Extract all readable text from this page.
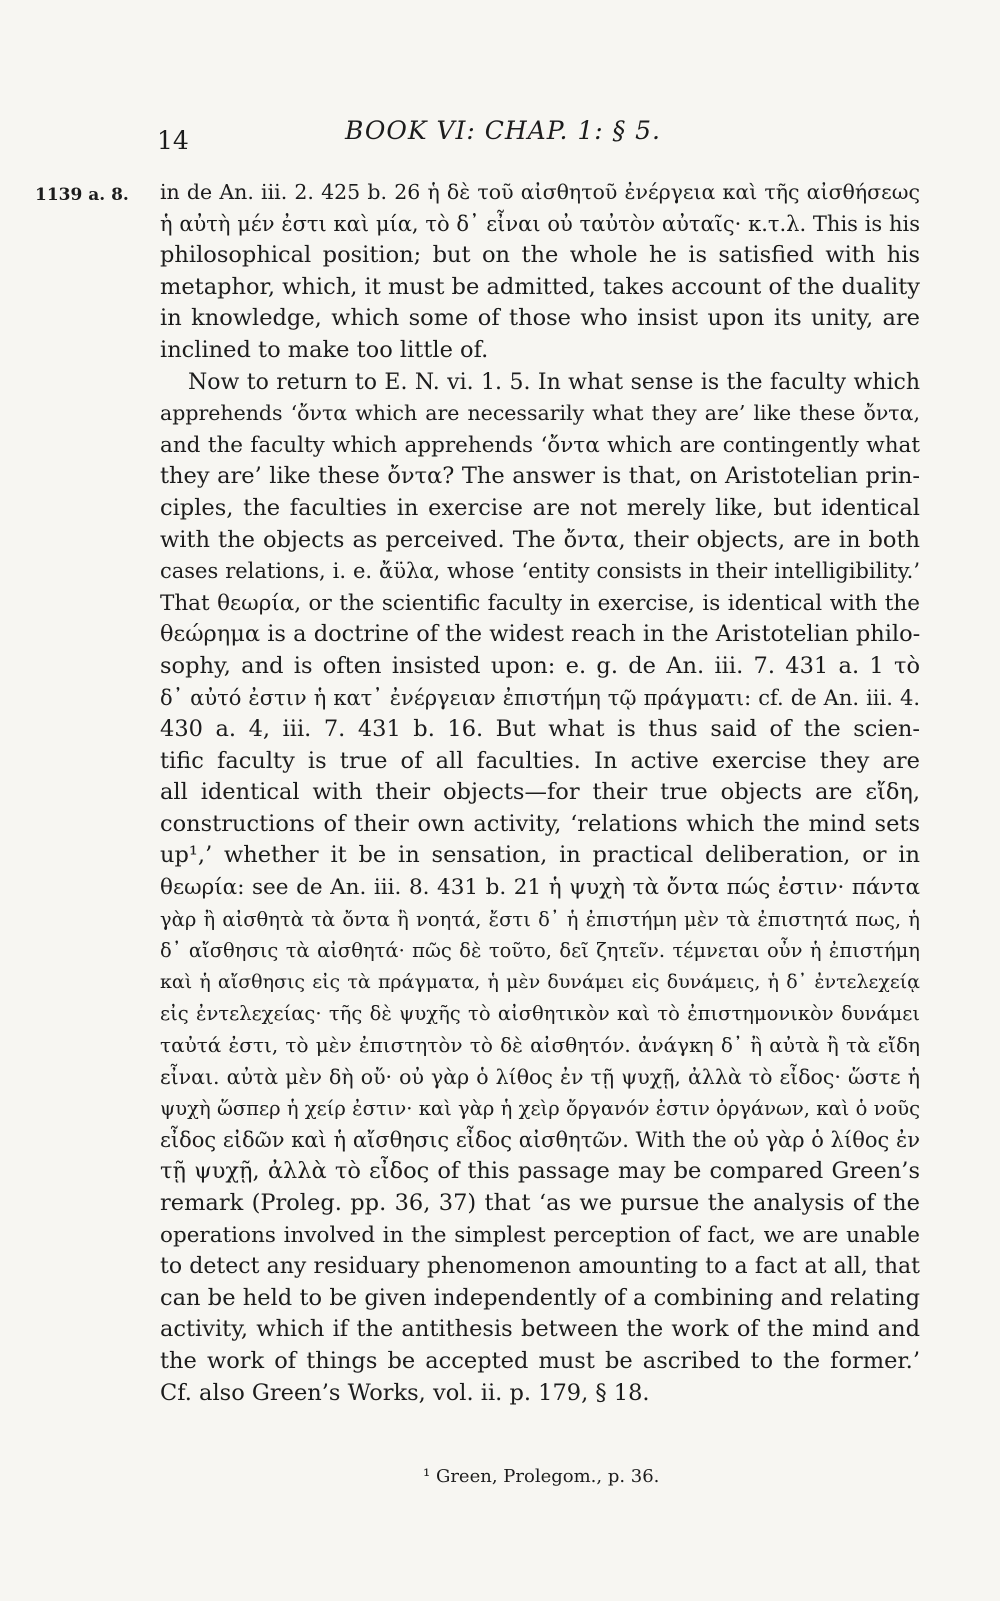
14	BOOK VI: CHAP. 1: § 5.
1139 a. 8. in de An. iii. 2. 425 b. 26 ἡ δὲ τοῦ αἰσθητοῦ ἐνέργεια καὶ τῆς αἰσθήσεως
ἡ αὐτὴ μέν ἐστι καὶ μία, τὸ δ᾽ εἶναι οὐ ταὐτὸν αὐταῖς· κ.τ.λ. This is his
philosophical position; but on the whole he is satisfied with his
metaphor, which, it must be admitted, takes account of the duality
in knowledge, which some of those who insist upon its unity, are
inclined to make too little of.
Now to return to E. N. vi. 1. 5. In what sense is the faculty which
apprehends ‘ὄντα which are necessarily what they are’ like these ὄντα,
and the faculty which apprehends ‘ὄντα which are contingently what
they are’ like these ὄντα? The answer is that, on Aristotelian prin-
ciples, the faculties in exercise are not merely like, but identical
with the objects as perceived. The ὄντα, their objects, are in both
cases relations, i. e. ἄϋλα, whose ‘entity consists in their intelligibility.’
That θεωρία, or the scientific faculty in exercise, is identical with the
θεώρημα is a doctrine of the widest reach in the Aristotelian philo-
sophy, and is often insisted upon: e. g. de An. iii. 7. 431 a. 1 τὸ
δ᾽ αὐτό ἐστιν ἡ κατ᾽ ἐνέργειαν ἐπιστήμη τῷ πράγματι: cf. de An. iii. 4.
430 a. 4, iii. 7. 431 b. 16. But what is thus said of the scien-
tific faculty is true of all faculties. In active exercise they are
all identical with their objects—for their true objects are εἴδη,
constructions of their own activity, ‘relations which the mind sets
up¹,’ whether it be in sensation, in practical deliberation, or in
θεωρία: see de An. iii. 8. 431 b. 21 ἡ ψυχὴ τὰ ὄντα πώς ἐστιν· πάντα
γὰρ ἢ αἰσθητὰ τὰ ὄντα ἢ νοητά, ἔστι δ᾽ ἡ ἐπιστήμη μὲν τὰ ἐπιστητά πως, ἡ
δ᾽ αἴσθησις τὰ αἰσθητά· πῶς δὲ τοῦτο, δεῖ ζητεῖν. τέμνεται οὖν ἡ ἐπιστήμη
καὶ ἡ αἴσθησις εἰς τὰ πράγματα, ἡ μὲν δυνάμει εἰς δυνάμεις, ἡ δ᾽ ἐντελεχείᾳ
εἰς ἐντελεχείας· τῆς δὲ ψυχῆς τὸ αἰσθητικὸν καὶ τὸ ἐπιστημονικὸν δυνάμει
ταὐτά ἐστι, τὸ μὲν ἐπιστητὸν τὸ δὲ αἰσθητόν. ἀνάγκη δ᾽ ἢ αὐτὰ ἢ τὰ εἴδη
εἶναι. αὐτὰ μὲν δὴ οὔ· οὐ γὰρ ὁ λίθος ἐν τῇ ψυχῇ, ἀλλὰ τὸ εἶδος· ὥστε ἡ
ψυχὴ ὥσπερ ἡ χείρ ἐστιν· καὶ γὰρ ἡ χεὶρ ὄργανόν ἐστιν ὀργάνων, καὶ ὁ νοῦς
εἶδος εἰδῶν καὶ ἡ αἴσθησις εἶδος αἰσθητῶν. With the οὐ γὰρ ὁ λίθος ἐν
τῇ ψυχῇ, ἀλλὰ τὸ εἶδος of this passage may be compared Green’s
remark (Proleg. pp. 36, 37) that ‘as we pursue the analysis of the
operations involved in the simplest perception of fact, we are unable
to detect any residuary phenomenon amounting to a fact at all, that
can be held to be given independently of a combining and relating
activity, which if the antithesis between the work of the mind and
the work of things be accepted must be ascribed to the former.’
Cf. also Green’s Works, vol. ii. p. 179, § 18.

¹ Green, Prolegom., p. 36.
